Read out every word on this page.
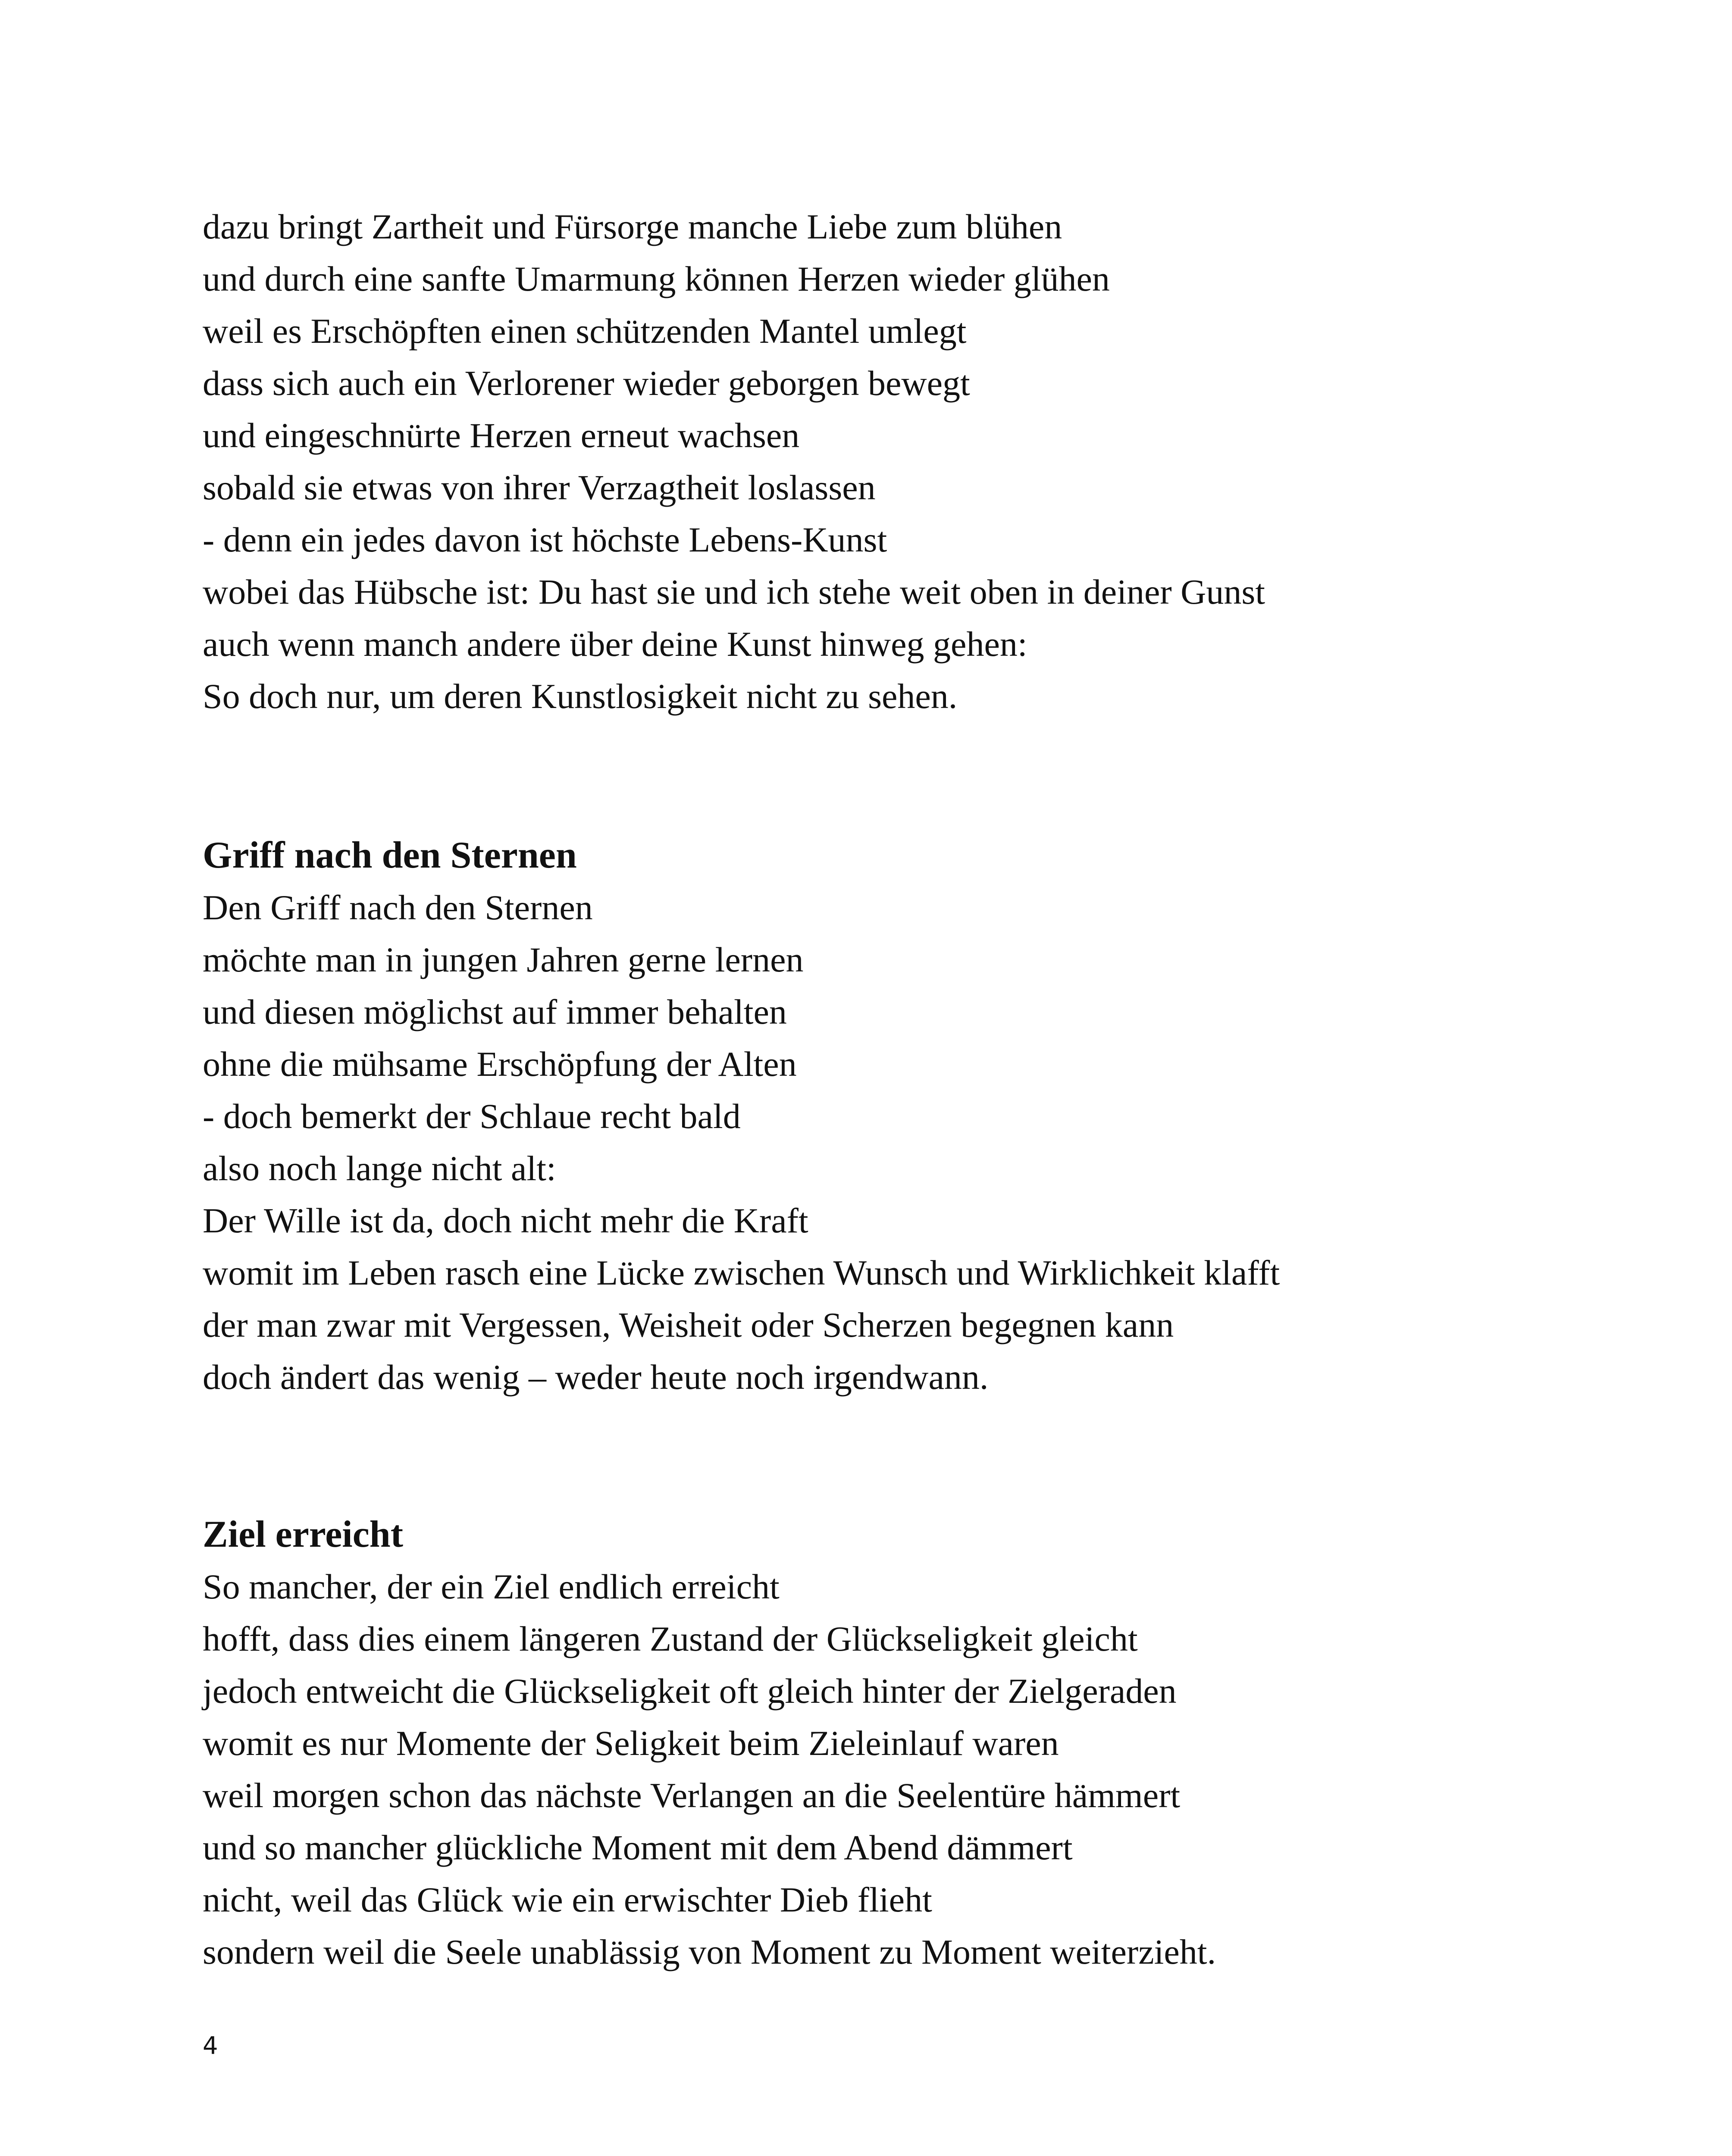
dazu bringt Zartheit und Fürsorge manche Liebe zum blühen
und durch eine sanfte Umarmung können Herzen wieder glühen
weil es Erschöpften einen schützenden Mantel umlegt
dass sich auch ein Verlorener wieder geborgen bewegt
und eingeschnürte Herzen erneut wachsen
sobald sie etwas von ihrer Verzagtheit loslassen
- denn ein jedes davon ist höchste Lebens-Kunst
wobei das Hübsche ist: Du hast sie und ich stehe weit oben in deiner Gunst
auch wenn manch andere über deine Kunst hinweg gehen:
So doch nur, um deren Kunstlosigkeit nicht zu sehen.
Griff nach den Sternen
Den Griff nach den Sternen
möchte man in jungen Jahren gerne lernen
und diesen möglichst auf immer behalten
ohne die mühsame Erschöpfung der Alten
- doch bemerkt der Schlaue recht bald
also noch lange nicht alt:
Der Wille ist da, doch nicht mehr die Kraft
womit im Leben rasch eine Lücke zwischen Wunsch und Wirklichkeit klafft
der man zwar mit Vergessen, Weisheit oder Scherzen begegnen kann
doch ändert das wenig – weder heute noch irgendwann.
Ziel erreicht
So mancher, der ein Ziel endlich erreicht
hofft, dass dies einem längeren Zustand der Glückseligkeit gleicht
jedoch entweicht die Glückseligkeit oft gleich hinter der Zielgeraden
womit es nur Momente der Seligkeit beim Zieleinlauf waren
weil morgen schon das nächste Verlangen an die Seelentüre hämmert
und so mancher glückliche Moment mit dem Abend dämmert
nicht, weil das Glück wie ein erwischter Dieb flieht
sondern weil die Seele unablässig von Moment zu Moment weiterzieht.
4
